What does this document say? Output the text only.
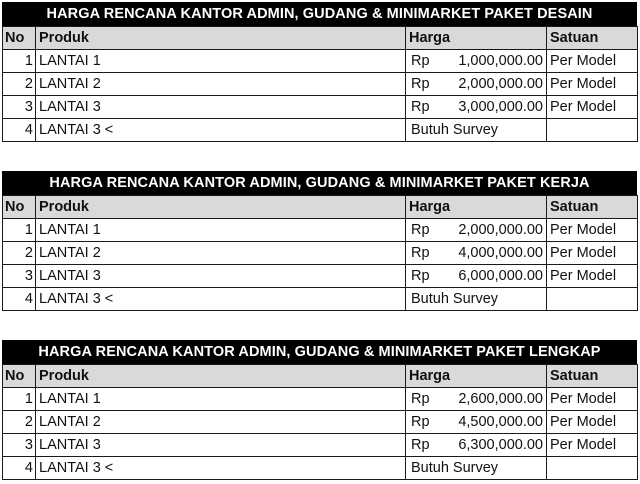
HARGA RENCANA KANTOR ADMIN, GUDANG & MINIMARKET PAKET DESAIN
No	Produk	Harga	Satuan
1	LANTAI 1	Rp 1,000,000.00	Per Model
2	LANTAI 2	Rp 2,000,000.00	Per Model
3	LANTAI 3	Rp 3,000,000.00	Per Model
4	LANTAI 3 <	Butuh Survey	
HARGA RENCANA KANTOR ADMIN, GUDANG & MINIMARKET PAKET KERJA
No	Produk	Harga	Satuan
1	LANTAI 1	Rp 2,000,000.00	Per Model
2	LANTAI 2	Rp 4,000,000.00	Per Model
3	LANTAI 3	Rp 6,000,000.00	Per Model
4	LANTAI 3 <	Butuh Survey	
HARGA RENCANA KANTOR ADMIN, GUDANG & MINIMARKET PAKET LENGKAP
No	Produk	Harga	Satuan
1	LANTAI 1	Rp 2,600,000.00	Per Model
2	LANTAI 2	Rp 4,500,000.00	Per Model
3	LANTAI 3	Rp 6,300,000.00	Per Model
4	LANTAI 3 <	Butuh Survey	
